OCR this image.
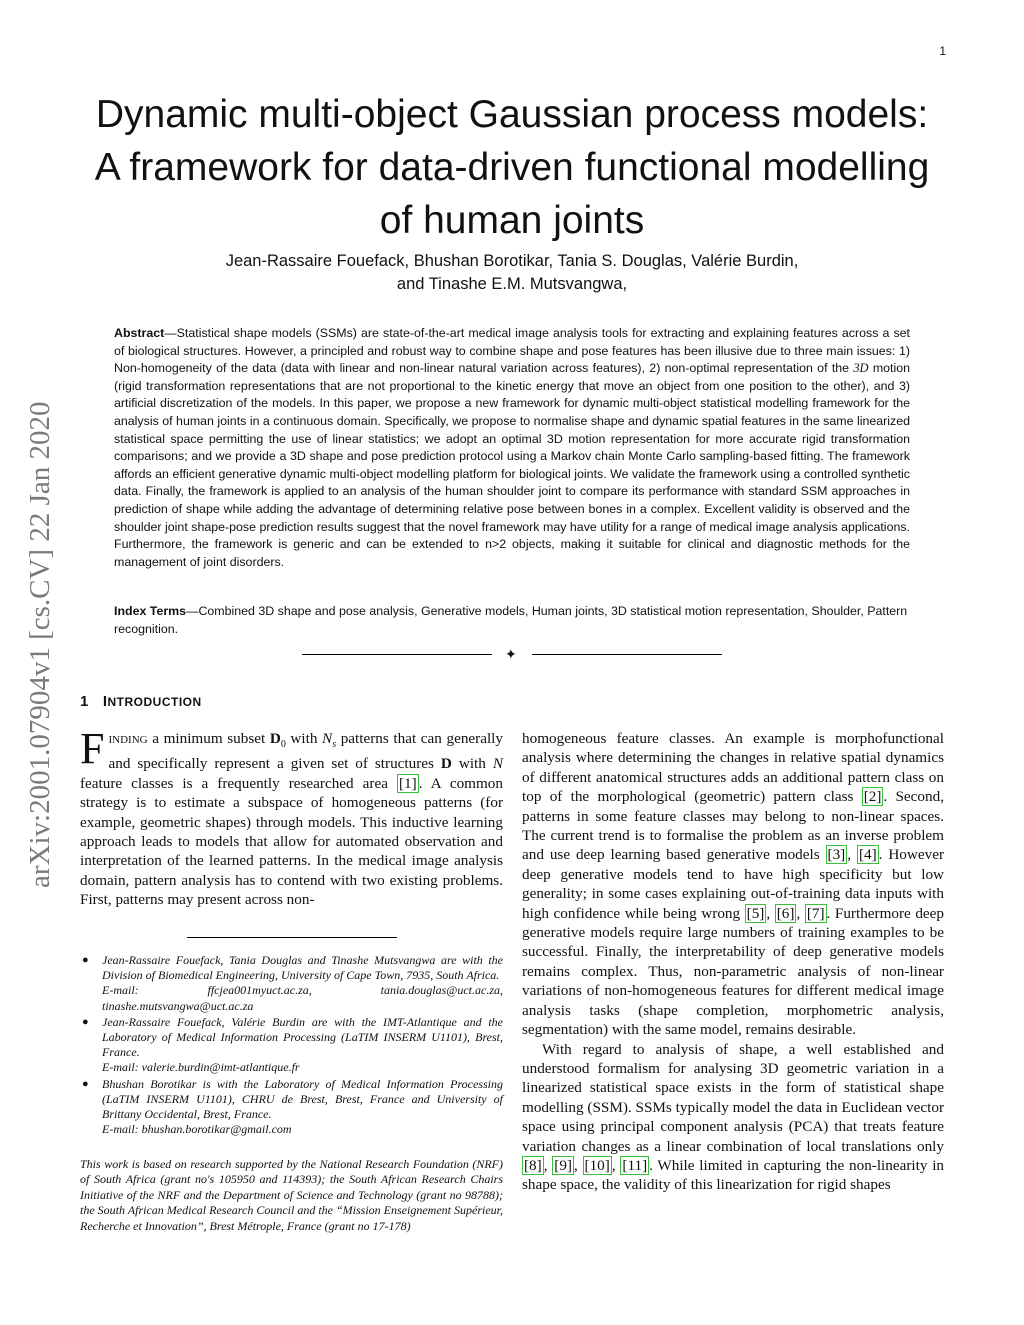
1
arXiv:2001.07904v1 [cs.CV] 22 Jan 2020
Dynamic multi-object Gaussian process models:
A framework for data-driven functional modelling
of human joints
Jean-Rassaire Fouefack, Bhushan Borotikar, Tania S. Douglas, Valérie Burdin,
and Tinashe E.M. Mutsvangwa,
Abstract—Statistical shape models (SSMs) are state-of-the-art medical image analysis tools for extracting and explaining features across a set of biological structures. However, a principled and robust way to combine shape and pose features has been illusive due to three main issues: 1) Non-homogeneity of the data (data with linear and non-linear natural variation across features), 2) non-optimal representation of the 3D motion (rigid transformation representations that are not proportional to the kinetic energy that move an object from one position to the other), and 3) artificial discretization of the models. In this paper, we propose a new framework for dynamic multi-object statistical modelling framework for the analysis of human joints in a continuous domain. Specifically, we propose to normalise shape and dynamic spatial features in the same linearized statistical space permitting the use of linear statistics; we adopt an optimal 3D motion representation for more accurate rigid transformation comparisons; and we provide a 3D shape and pose prediction protocol using a Markov chain Monte Carlo sampling-based fitting. The framework affords an efficient generative dynamic multi-object modelling platform for biological joints. We validate the framework using a controlled synthetic data. Finally, the framework is applied to an analysis of the human shoulder joint to compare its performance with standard SSM approaches in prediction of shape while adding the advantage of determining relative pose between bones in a complex. Excellent validity is observed and the shoulder joint shape-pose prediction results suggest that the novel framework may have utility for a range of medical image analysis applications. Furthermore, the framework is generic and can be extended to n>2 objects, making it suitable for clinical and diagnostic methods for the management of joint disorders.
Index Terms—Combined 3D shape and pose analysis, Generative models, Human joints, 3D statistical motion representation, Shoulder, Pattern recognition.
✦
1 INTRODUCTION

Finding a minimum subset $D_0$ with $N_s$ patterns that can generally and specifically represent a given set of structures D with N feature classes is a frequently researched area [1] . A common strategy is to estimate a subspace of homogeneous patterns (for example, geometric shapes) through models. This inductive learning approach leads to models that allow for automated observation and interpretation of the learned patterns. In the medical image analysis domain, pattern analysis has to contend with two existing problems. First, patterns may present across non-

homogeneous feature classes. An example is morphofunctional analysis where determining the changes in relative spatial dynamics of different anatomical structures adds an additional pattern class on top of the morphological (geometric) pattern class [2] . Second, patterns in some feature classes may belong to non-linear spaces. The current trend is to formalise the problem as an inverse problem and use deep learning based generative models [3] , [4] . However deep generative models tend to have high specificity but low generality; in some cases explaining out-of-training data inputs with high confidence while being wrong [5] , [6] , [7] . Furthermore deep generative models require large numbers of training examples to be successful. Finally, the interpretability of deep generative models remains complex. Thus, non-parametric analysis of non-linear variations of non-homogeneous features for different medical image analysis tasks (shape completion, morphometric analysis, segmentation) with the same model, remains desirable.

With regard to analysis of shape, a well established and understood formalism for analysing 3D geometric variation in a linearized statistical space exists in the form of statistical shape modelling (SSM). SSMs typically model the data in Euclidean vector space using principal component analysis (PCA) that treats feature variation changes as a linear combination of local translations only [8] , [9] , [10] , [11] . While limited in capturing the non-linearity in shape space, the validity of this linearization for rigid shapes

● Jean-Rassaire Fouefack, Tania Douglas and Tinashe Mutsvangwa are with the Division of Biomedical Engineering, University of Cape Town, 7935, South Africa.
E-mail: ffcjea001myuct.ac.za, tania.douglas@uct.ac.za, tinashe.mutsvangwa@uct.ac.za
● Jean-Rassaire Fouefack, Valérie Burdin are with the IMT-Atlantique and the Laboratory of Medical Information Processing (LaTIM INSERM U1101), Brest, France.
E-mail: valerie.burdin@imt-atlantique.fr
● Bhushan Borotikar is with the Laboratory of Medical Information Processing (LaTIM INSERM U1101), CHRU de Brest, Brest, France and University of Brittany Occidental, Brest, France.
E-mail: bhushan.borotikar@gmail.com
This work is based on research supported by the National Research Foundation (NRF) of South Africa (grant no's 105950 and 114393); the South African Research Chairs Initiative of the NRF and the Department of Science and Technology (grant no 98788); the South African Medical Research Council and the “Mission Enseignement Supérieur, Recherche et Innovation”, Brest Métrople, France (grant no 17-178)
